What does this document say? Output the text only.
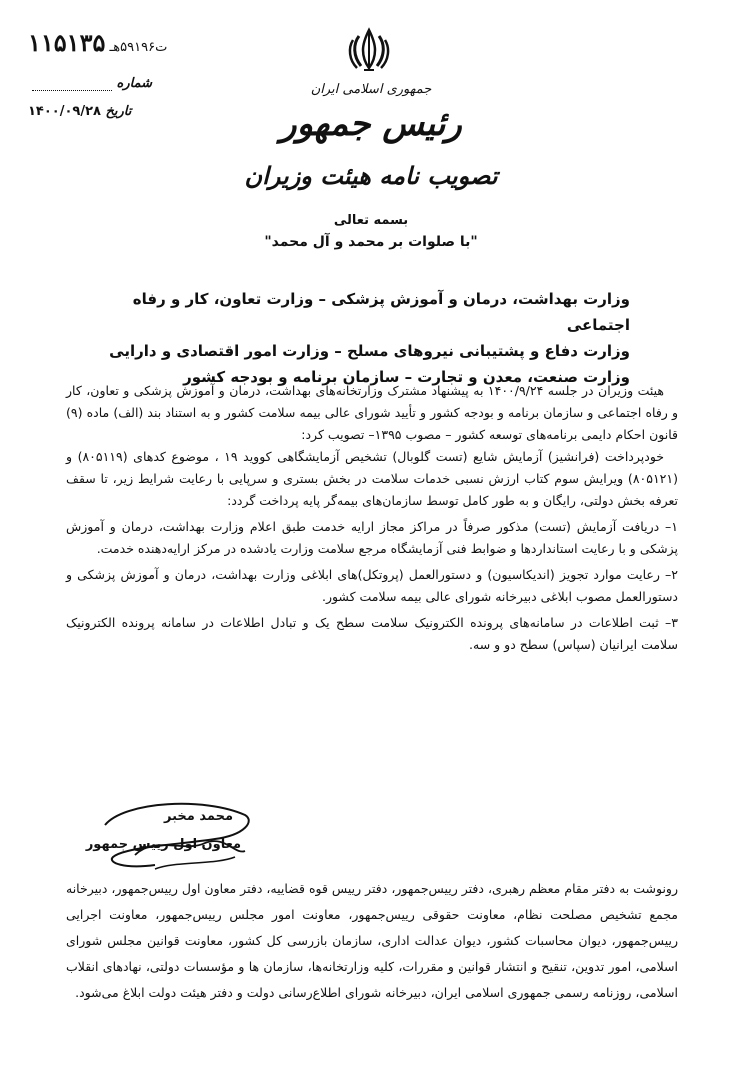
ت۵۹۱۹۶هـ ۱۱۵۱۳۵
شماره
تاریخ ۱۴۰۰/۰۹/۲۸
جمهوری اسلامی ایران
رئیس جمهور
تصویب نامه هیئت وزیران
بسمه تعالی
"با صلوات بر محمد و آل محمد"
وزارت بهداشت، درمان و آموزش پزشکی – وزارت تعاون، کار و رفاه اجتماعی
وزارت دفاع و پشتیبانی نیروهای مسلح – وزارت امور اقتصادی و دارایی
وزارت صنعت، معدن و تجارت – سازمان برنامه و بودجه کشور

هیئت وزیران در جلسه ۱۴۰۰/۹/۲۴ به پیشنهاد مشترک وزارتخانه‌های بهداشت، درمان و آموزش پزشکی و تعاون، کار و رفاه اجتماعی و سازمان برنامه و بودجه کشور و تأیید شورای عالی بیمه سلامت کشور و به استناد بند (الف) ماده (۹) قانون احکام دایمی برنامه‌های توسعه کشور – مصوب ۱۳۹۵– تصویب کرد:

خودپرداخت (فرانشیز) آزمایش شایع (تست گلوبال) تشخیص آزمایشگاهی کووید ۱۹ ، موضوع کدهای (۸۰۵۱۱۹) و (۸۰۵۱۲۱) ویرایش سوم کتاب ارزش نسبی خدمات سلامت در بخش بستری و سرپایی با رعایت شرایط زیر، تا سقف تعرفه بخش دولتی، رایگان و به طور کامل توسط سازمان‌های بیمه‌گر پایه پرداخت گردد:

۱– دریافت آزمایش (تست) مذکور صرفاً در مراکز مجاز ارایه خدمت طبق اعلام وزارت بهداشت، درمان و آموزش پزشکی و با رعایت استانداردها و ضوابط فنی آزمایشگاه مرجع سلامت وزارت یادشده در مرکز ارایه‌دهنده خدمت.

۲– رعایت موارد تجویز (اندیکاسیون) و دستورالعمل (پروتکل)های ابلاغی وزارت بهداشت، درمان و آموزش پزشکی و دستورالعمل مصوب ابلاغی دبیرخانه شورای عالی بیمه سلامت کشور.

۳– ثبت اطلاعات در سامانه‌های پرونده الکترونیک سلامت سطح یک و تبادل اطلاعات در سامانه پرونده الکترونیک سلامت ایرانیان (سپاس) سطح دو و سه.

محمد مخبر
معاون اول رییس جمهور
رونوشت به دفتر مقام معظم رهبری، دفتر رییس‌جمهور، دفتر رییس قوه قضاییه، دفتر معاون اول رییس‌جمهور، دبیرخانه مجمع تشخیص مصلحت نظام، معاونت حقوقی رییس‌جمهور، معاونت امور مجلس رییس‌جمهور، معاونت اجرایی رییس‌جمهور، دیوان محاسبات کشور، دیوان عدالت اداری، سازمان بازرسی کل کشور، معاونت قوانین مجلس شورای اسلامی، امور تدوین، تنقیح و انتشار قوانین و مقررات، کلیه وزارتخانه‌ها، سازمان ها و مؤسسات دولتی، نهادهای انقلاب اسلامی، روزنامه رسمی جمهوری اسلامی ایران، دبیرخانه شورای اطلاع‌رسانی دولت و دفتر هیئت دولت ابلاغ می‌شود.
